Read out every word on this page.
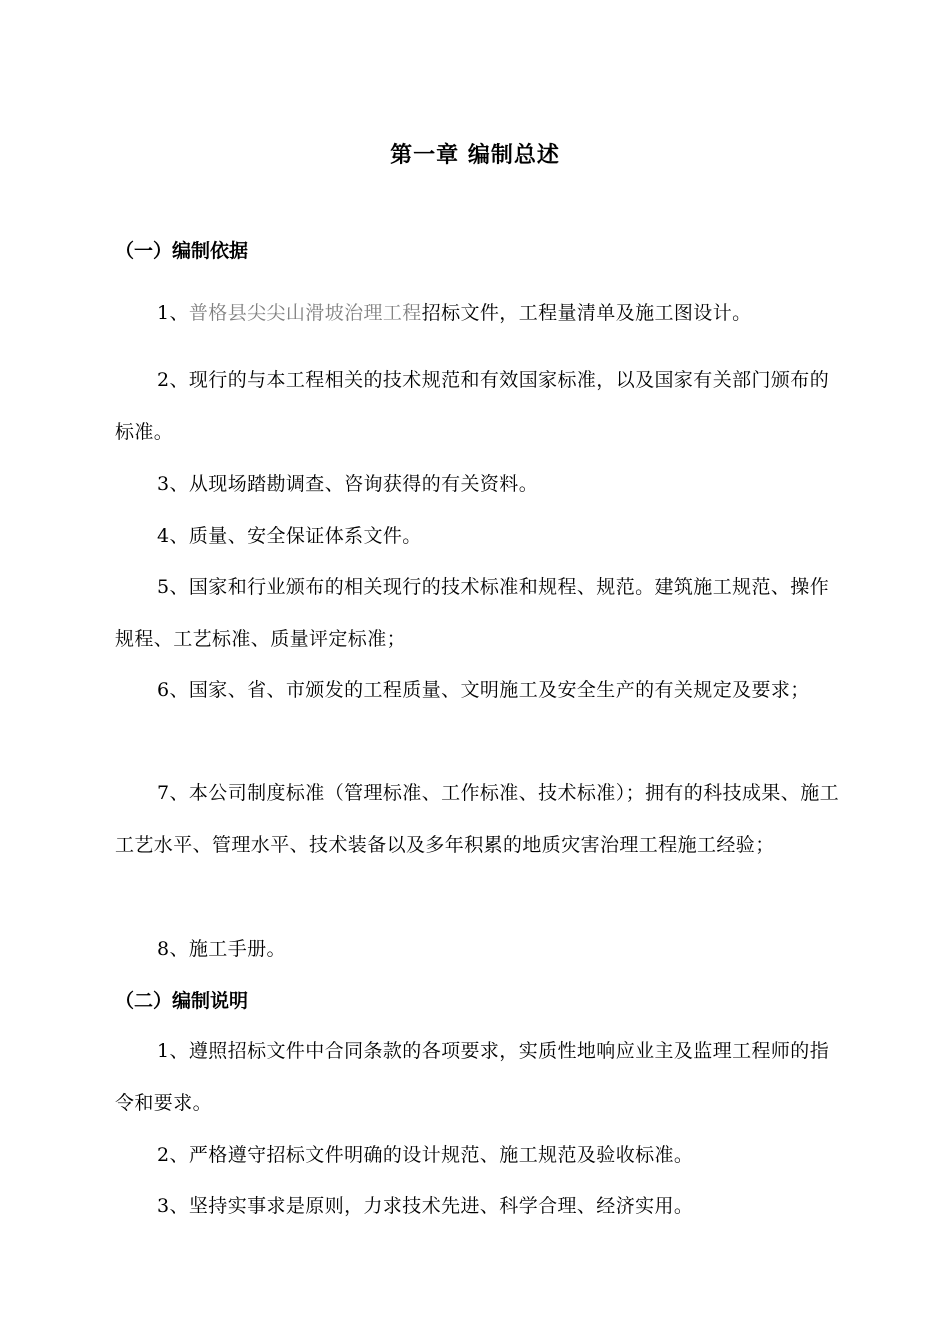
第一章 编制总述
（一）编制依据
1、普格县尖尖山滑坡治理工程招标文件，工程量清单及施工图设计。
2、现行的与本工程相关的技术规范和有效国家标准，以及国家有关部门颁布的标准。
3、从现场踏勘调查、咨询获得的有关资料。
4、质量、安全保证体系文件。
5、国家和行业颁布的相关现行的技术标准和规程、规范。建筑施工规范、操作规程、工艺标准、质量评定标准；
6、国家、省、市颁发的工程质量、文明施工及安全生产的有关规定及要求；
7、本公司制度标准（管理标准、工作标准、技术标准）；拥有的科技成果、施工工艺水平、管理水平、技术装备以及多年积累的地质灾害治理工程施工经验；
8、施工手册。
（二）编制说明
1、遵照招标文件中合同条款的各项要求，实质性地响应业主及监理工程师的指令和要求。
2、严格遵守招标文件明确的设计规范、施工规范及验收标准。
3、坚持实事求是原则，力求技术先进、科学合理、经济实用。
